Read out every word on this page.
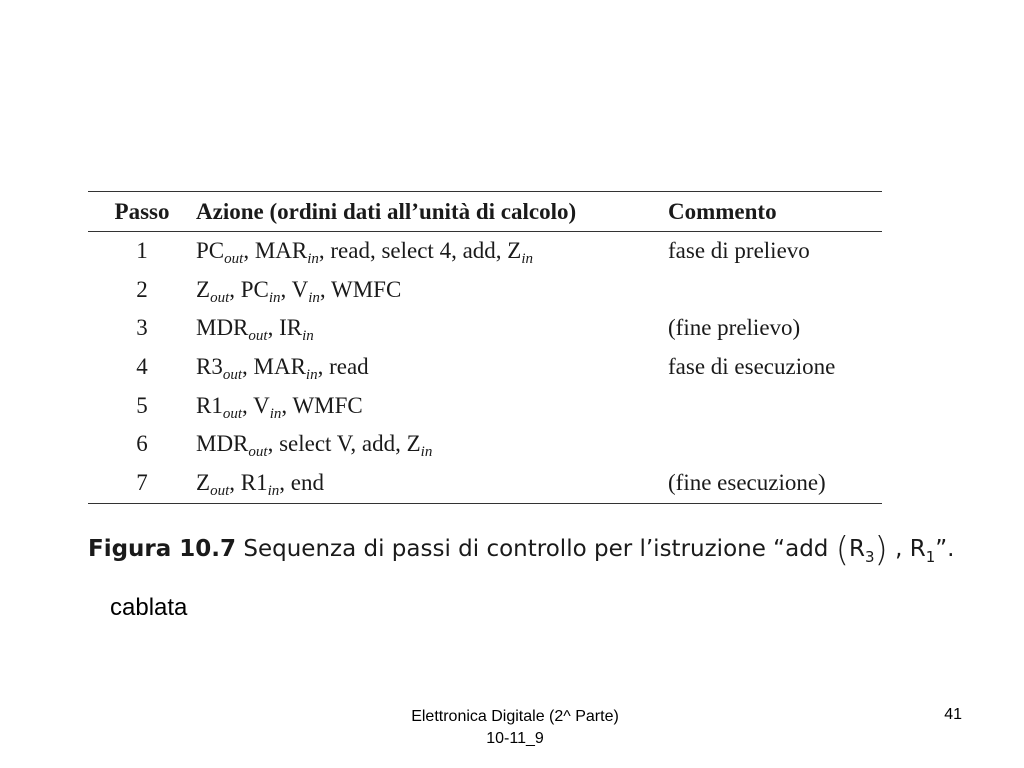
Passo	Azione (ordini dati all’unità di calcolo)	Commento
1	$PC_{out}$, $MAR_{in}$, read, select 4, add, $Z_{in}$	fase di prelievo
2	$Z_{out}$, $PC_{in}$, $V_{in}$, WMFC	
3	$MDR_{out}$, $IR_{in}$	(fine prelievo)
4	$R3_{out}$, $MAR_{in}$, read	fase di esecuzione
5	$R1_{out}$, $V_{in}$, WMFC	
6	$MDR_{out}$, select V, add, $Z_{in}$	
7	$Z_{out}$, $R1_{in}$, end	(fine esecuzione)
Figura 10.7 Sequenza di passi di controllo per l’istruzione “add $(R_3)$ , $R_1$”.
cablata
Elettronica Digitale (2^ Parte)
10-11_9
41
